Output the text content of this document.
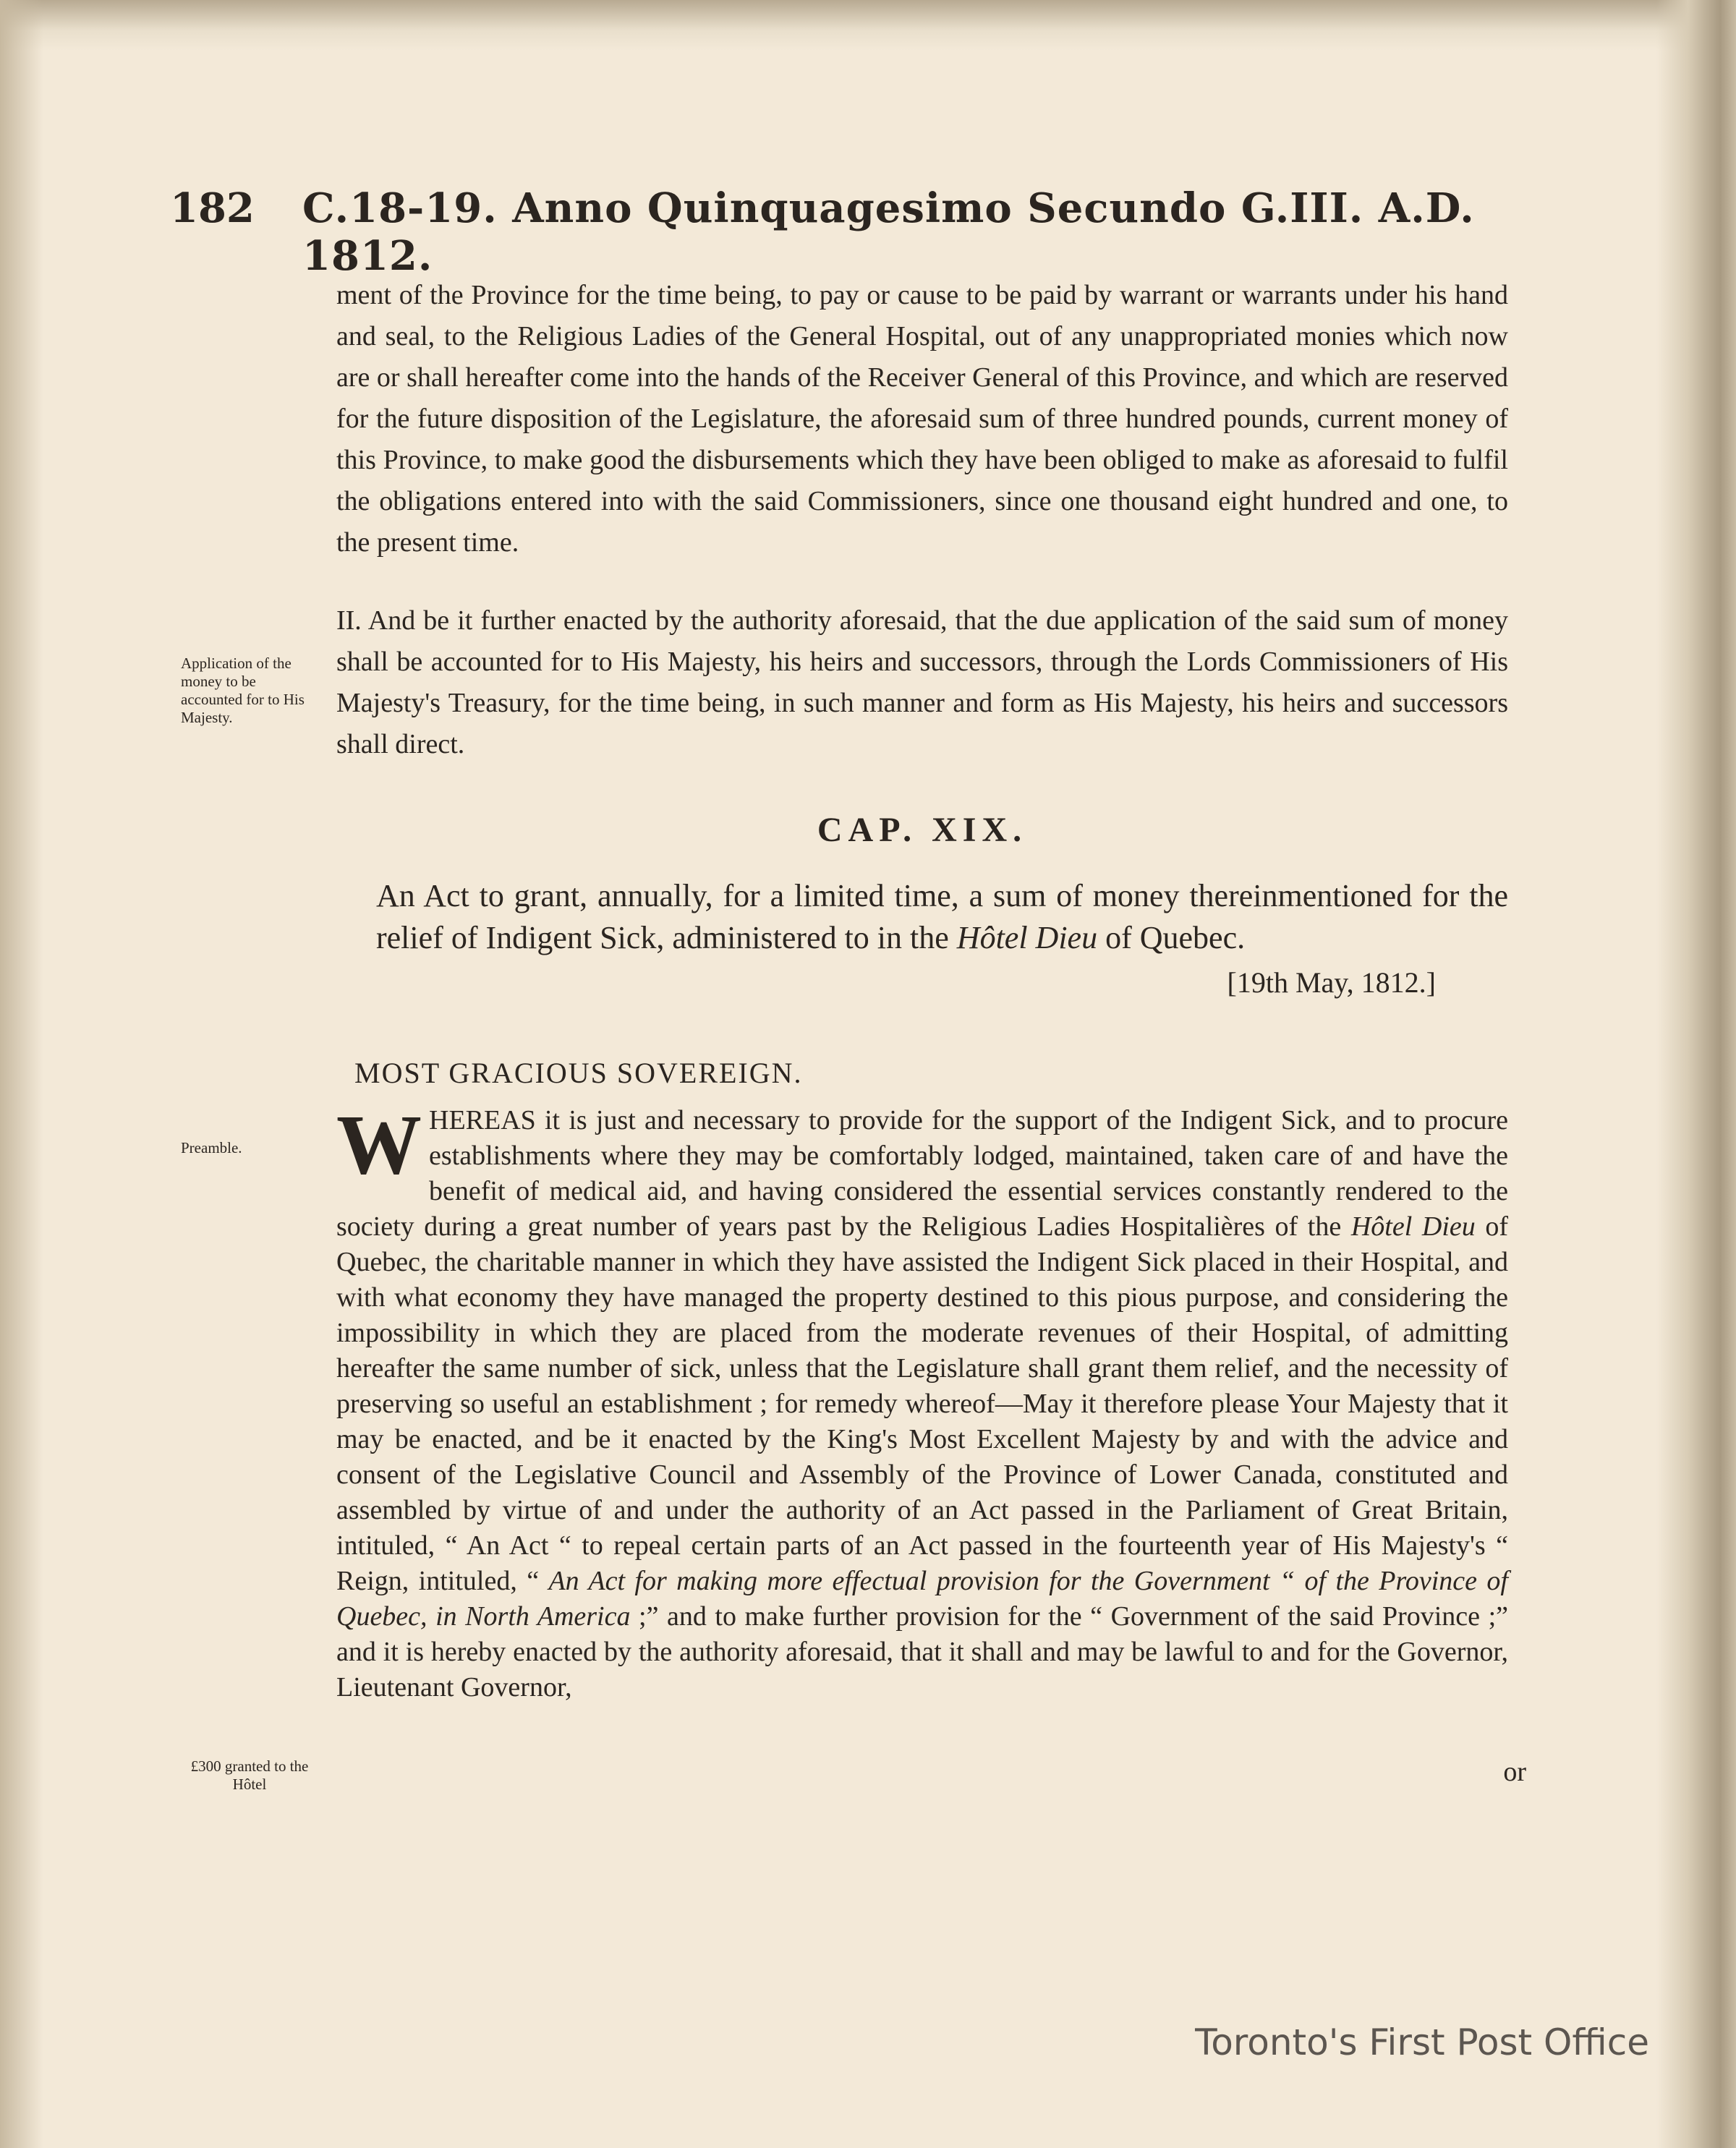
182	C.18-19. Anno Quinquagesimo Secundo G.III. A.D. 1812.
ment of the Province for the time being, to pay or cause to be paid by warrant or warrants under his hand and seal, to the Religious Ladies of the General Hospital, out of any unappropriated monies which now are or shall hereafter come into the hands of the Receiver General of this Province, and which are reserved for the future disposition of the Legislature, the aforesaid sum of three hundred pounds, current money of this Province, to make good the disbursements which they have been obliged to make as aforesaid to fulfil the obligations entered into with the said Commissioners, since one thousand eight hundred and one, to the present time.
Application of the money to be accounted for to His Majesty.
II. And be it further enacted by the authority aforesaid, that the due application of the said sum of money shall be accounted for to His Majesty, his heirs and successors, through the Lords Commissioners of His Majesty's Treasury, for the time being, in such manner and form as His Majesty, his heirs and successors shall direct.
CAP. XIX.
An Act to grant, annually, for a limited time, a sum of money thereinmentioned for the relief of Indigent Sick, administered to in the Hôtel Dieu of Quebec.
[19th May, 1812.]
MOST GRACIOUS SOVEREIGN.
Preamble.	W HEREAS it is just and necessary to provide for the support of the Indigent Sick, and to procure establishments where they may be comfortably lodged, maintained, taken care of and have the benefit of medical aid, and having considered the essential services constantly rendered to the society during a great number of years past by the Religious Ladies Hospitalières of the Hôtel Dieu of Quebec, the charitable manner in which they have assisted the Indigent Sick placed in their Hospital, and with what economy they have managed the property destined to this pious purpose, and considering the impossibility in which they are placed from the moderate revenues of their Hospital, of admitting hereafter the same number of sick, unless that the Legislature shall grant them relief, and the necessity of preserving so useful an establishment ; for remedy whereof—May it therefore please Your Majesty that it may be enacted, and be it enacted by the King's Most Excellent Majesty by and with the advice and consent of the Legislative Council and Assembly of the Province of Lower Canada, constituted and assembled by virtue of and under the authority of an Act passed in the Parliament of Great Britain, intituled, “ An Act “ to repeal certain parts of an Act passed in the fourteenth year of His Majesty's “ Reign, intituled, “ An Act for making more effectual provision for the Government “ of the Province of Quebec, in North America ;” and to make further provision for the “ Government of the said Province ;” and it is hereby enacted by the authority aforesaid, that it shall and may be lawful to and for the Governor, Lieutenant Governor,
£300 granted to the Hôtel	or
Toronto's First Post Office
